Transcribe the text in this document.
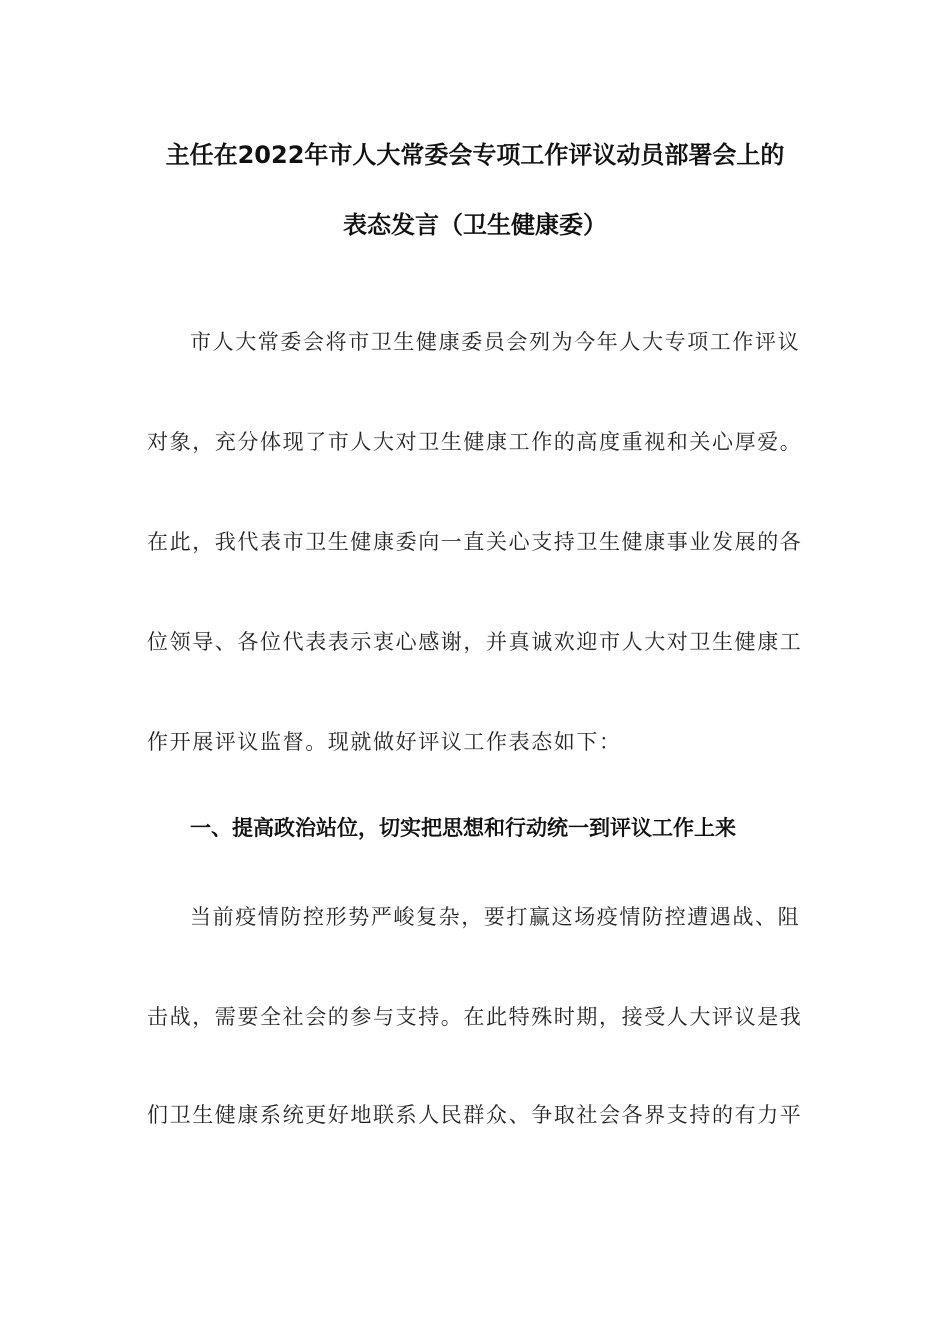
主任在2022年市人大常委会专项工作评议动员部署会上的
表态发言（卫生健康委）
市人大常委会将市卫生健康委员会列为今年人大专项工作评议
对象，充分体现了市人大对卫生健康工作的高度重视和关心厚爱。
在此，我代表市卫生健康委向一直关心支持卫生健康事业发展的各
位领导、各位代表表示衷心感谢，并真诚欢迎市人大对卫生健康工
作开展评议监督。现就做好评议工作表态如下：
一、提高政治站位，切实把思想和行动统一到评议工作上来
当前疫情防控形势严峻复杂，要打赢这场疫情防控遭遇战、阻
击战，需要全社会的参与支持。在此特殊时期，接受人大评议是我
们卫生健康系统更好地联系人民群众、争取社会各界支持的有力平
